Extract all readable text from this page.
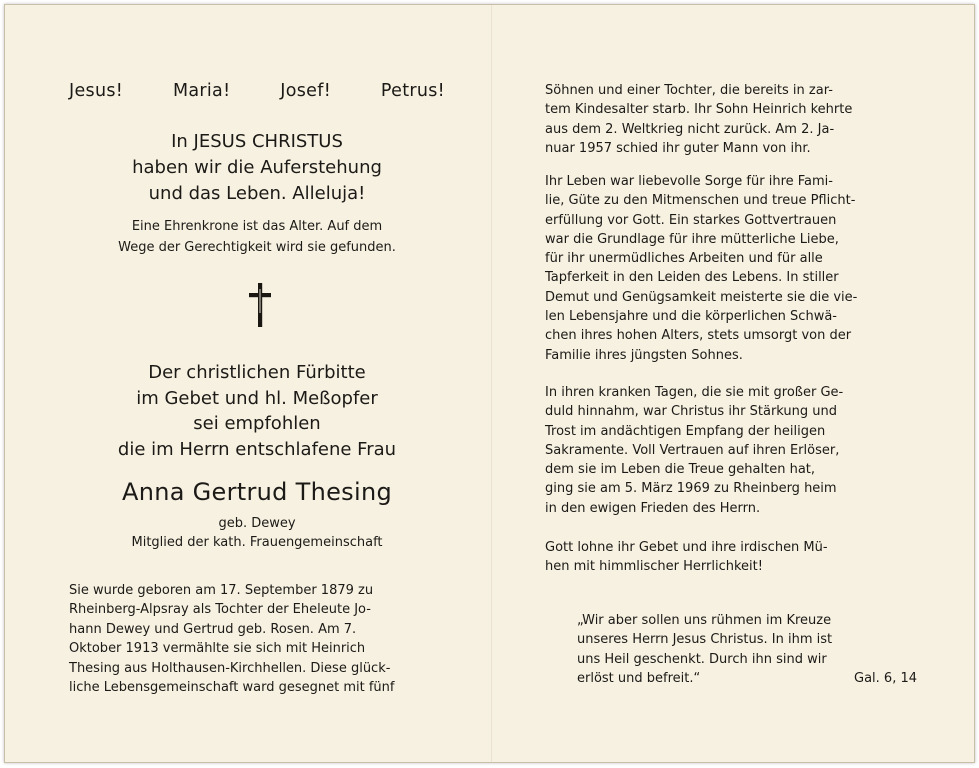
Jesus!	Maria!	Josef!	Petrus!
In JESUS CHRISTUS
haben wir die Auferstehung
und das Leben. Alleluja!
Eine Ehrenkrone ist das Alter. Auf dem
Wege der Gerechtigkeit wird sie gefunden.
Der christlichen Fürbitte
im Gebet und hl. Meßopfer
sei empfohlen
die im Herrn entschlafene Frau
Anna Gertrud Thesing
geb. Dewey
Mitglied der kath. Frauengemeinschaft
Sie wurde geboren am 17. September 1879 zu
Rheinberg-Alpsray als Tochter der Eheleute Jo-
hann Dewey und Gertrud geb. Rosen. Am 7.
Oktober 1913 vermählte sie sich mit Heinrich
Thesing aus Holthausen-Kirchhellen. Diese glück-
liche Lebensgemeinschaft ward gesegnet mit fünf
Söhnen und einer Tochter, die bereits in zar-
tem Kindesalter starb. Ihr Sohn Heinrich kehrte
aus dem 2. Weltkrieg nicht zurück. Am 2. Ja-
nuar 1957 schied ihr guter Mann von ihr.
Ihr Leben war liebevolle Sorge für ihre Fami-
lie, Güte zu den Mitmenschen und treue Pflicht-
erfüllung vor Gott. Ein starkes Gottvertrauen
war die Grundlage für ihre mütterliche Liebe,
für ihr unermüdliches Arbeiten und für alle
Tapferkeit in den Leiden des Lebens. In stiller
Demut und Genügsamkeit meisterte sie die vie-
len Lebensjahre und die körperlichen Schwä-
chen ihres hohen Alters, stets umsorgt von der
Familie ihres jüngsten Sohnes.
In ihren kranken Tagen, die sie mit großer Ge-
duld hinnahm, war Christus ihr Stärkung und
Trost im andächtigen Empfang der heiligen
Sakramente. Voll Vertrauen auf ihren Erlöser,
dem sie im Leben die Treue gehalten hat,
ging sie am 5. März 1969 zu Rheinberg heim
in den ewigen Frieden des Herrn.
Gott lohne ihr Gebet und ihre irdischen Mü-
hen mit himmlischer Herrlichkeit!
„Wir aber sollen uns rühmen im Kreuze
unseres Herrn Jesus Christus. In ihm ist
uns Heil geschenkt. Durch ihn sind wir
erlöst und befreit.“	Gal. 6, 14
